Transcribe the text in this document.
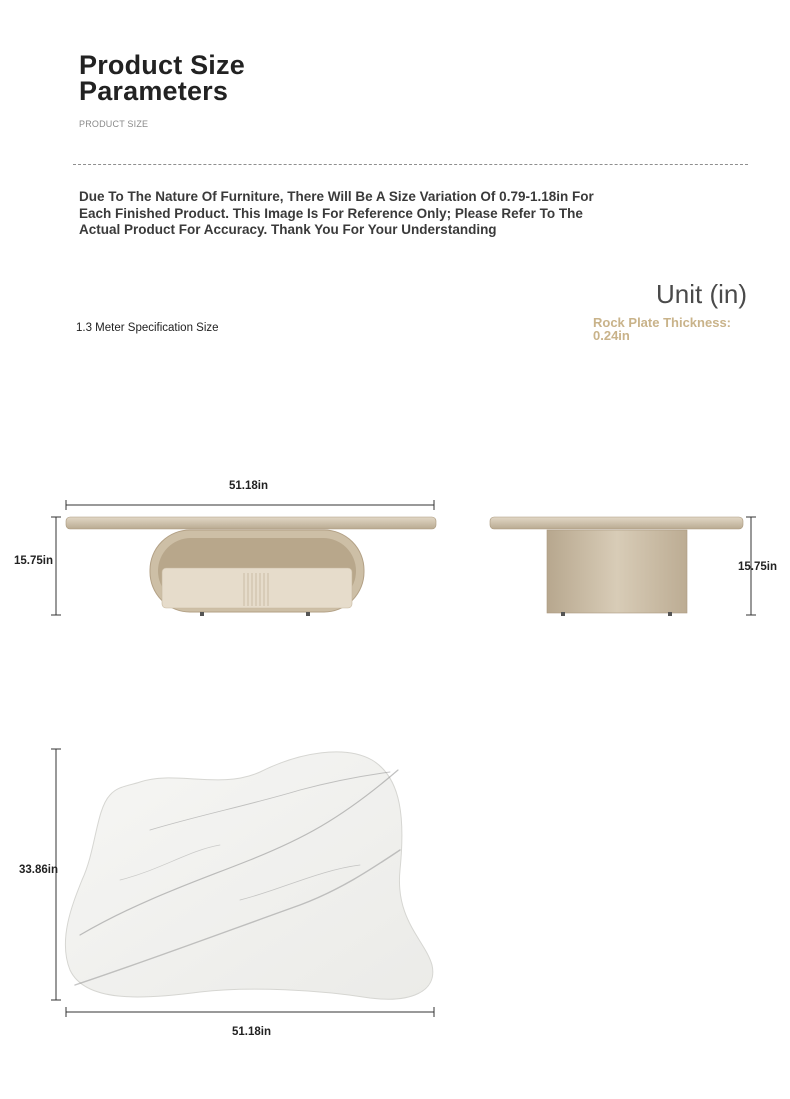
Product Size
Parameters
PRODUCT SIZE
Due To The Nature Of Furniture, There Will Be A Size Variation Of 0.79-1.18in For Each Finished Product. This Image Is For Reference Only; Please Refer To The Actual Product For Accuracy. Thank You For Your Understanding
Unit (in)
Rock Plate Thickness:
0.24in
1.3 Meter Specification Size
51.18in
15.75in	15.75in
33.86in
51.18in
